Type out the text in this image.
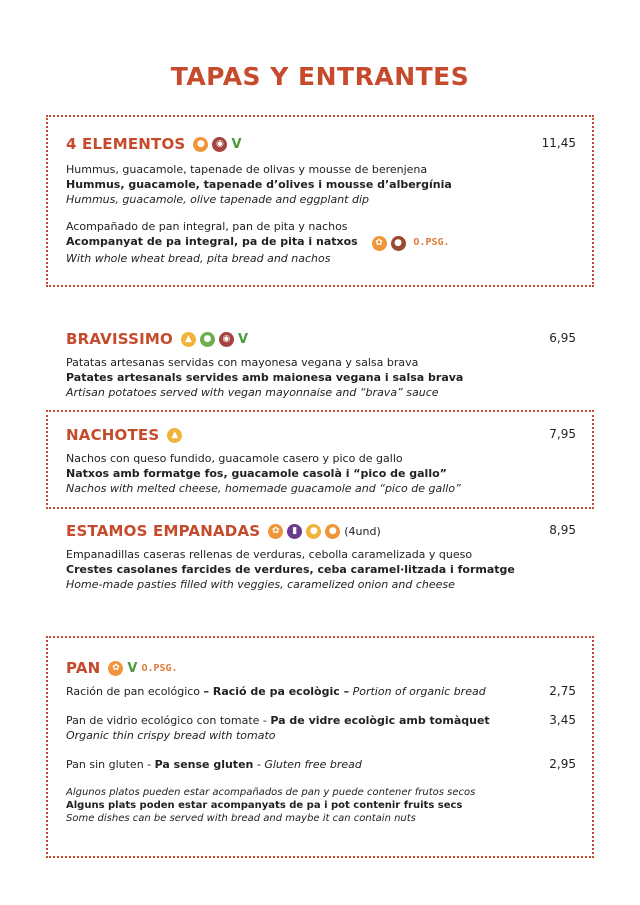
TAPAS Y ENTRANTES
4 ELEMENTOS	●	◉ V	11,45
Hummus, guacamole, tapenade de olivas y mousse de berenjena
Hummus, guacamole, tapenade d’olives i mousse d’albergínia
Hummus, guacamole, olive tapenade and eggplant dip
Acompañado de pan integral, pan de pita y nachos
Acompanyat de pa integral, pa de pita i natxos	✿	●	O.PSG.
With whole wheat bread, pita bread and nachos
BRAVISSIMO	▲	●	◉ V	6,95
Patatas artesanas servidas con mayonesa vegana y salsa brava
Patates artesanals servides amb maionesa vegana i salsa brava
Artisan potatoes served with vegan mayonnaise and “brava” sauce
NACHOTES	▲	7,95
Nachos con queso fundido, guacamole casero y pico de gallo
Natxos amb formatge fos, guacamole casolà i “pico de gallo”
Nachos with melted cheese, homemade guacamole and “pico de gallo”
ESTAMOS EMPANADAS	✿	▮	●	● (4und)	8,95
Empanadillas caseras rellenas de verduras, cebolla caramelizada y queso
Crestes casolanes farcides de verdures, ceba caramel·litzada i formatge
Home-made pasties filled with veggies, caramelized onion and cheese
PAN	✿ V O.PSG.
Ración de pan ecológico – Ració de pa ecològic – Portion of organic bread	2,75
Pan de vidrio ecológico con tomate - Pa de vidre ecològic amb tomàquet	3,45
Organic thin crispy bread with tomato
Pan sin gluten - Pa sense gluten - Gluten free bread	2,95
Algunos platos pueden estar acompañados de pan y puede contener frutos secos
Alguns plats poden estar acompanyats de pa i pot contenir fruits secs
Some dishes can be served with bread and maybe it can contain nuts
